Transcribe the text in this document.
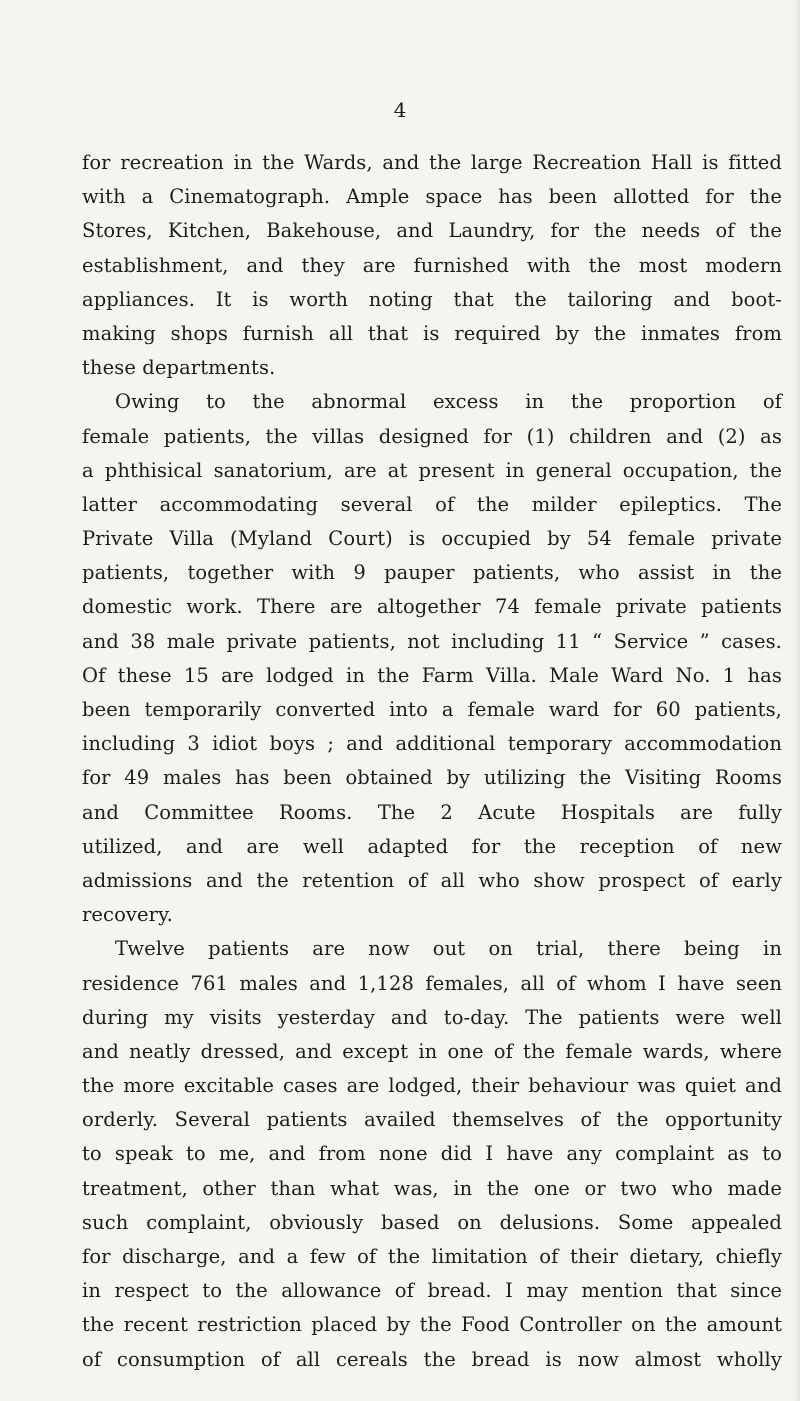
4
for recreation in the Wards, and the large Recreation Hall is fitted
with a Cinematograph. Ample space has been allotted for the
Stores, Kitchen, Bakehouse, and Laundry, for the needs of the
establishment, and they are furnished with the most modern
appliances. It is worth noting that the tailoring and boot-
making shops furnish all that is required by the inmates from
these departments.
Owing to the abnormal excess in the proportion of
female patients, the villas designed for (1) children and (2) as
a phthisical sanatorium, are at present in general occupation, the
latter accommodating several of the milder epileptics. The
Private Villa (Myland Court) is occupied by 54 female private
patients, together with 9 pauper patients, who assist in the
domestic work. There are altogether 74 female private patients
and 38 male private patients, not including 11 “ Service ” cases.
Of these 15 are lodged in the Farm Villa. Male Ward No. 1 has
been temporarily converted into a female ward for 60 patients,
including 3 idiot boys ; and additional temporary accommodation
for 49 males has been obtained by utilizing the Visiting Rooms
and Committee Rooms. The 2 Acute Hospitals are fully
utilized, and are well adapted for the reception of new
admissions and the retention of all who show prospect of early
recovery.
Twelve patients are now out on trial, there being in
residence 761 males and 1,128 females, all of whom I have seen
during my visits yesterday and to-day. The patients were well
and neatly dressed, and except in one of the female wards, where
the more excitable cases are lodged, their behaviour was quiet and
orderly. Several patients availed themselves of the opportunity
to speak to me, and from none did I have any complaint as to
treatment, other than what was, in the one or two who made
such complaint, obviously based on delusions. Some appealed
for discharge, and a few of the limitation of their dietary, chiefly
in respect to the allowance of bread. I may mention that since
the recent restriction placed by the Food Controller on the amount
of consumption of all cereals the bread is now almost wholly
